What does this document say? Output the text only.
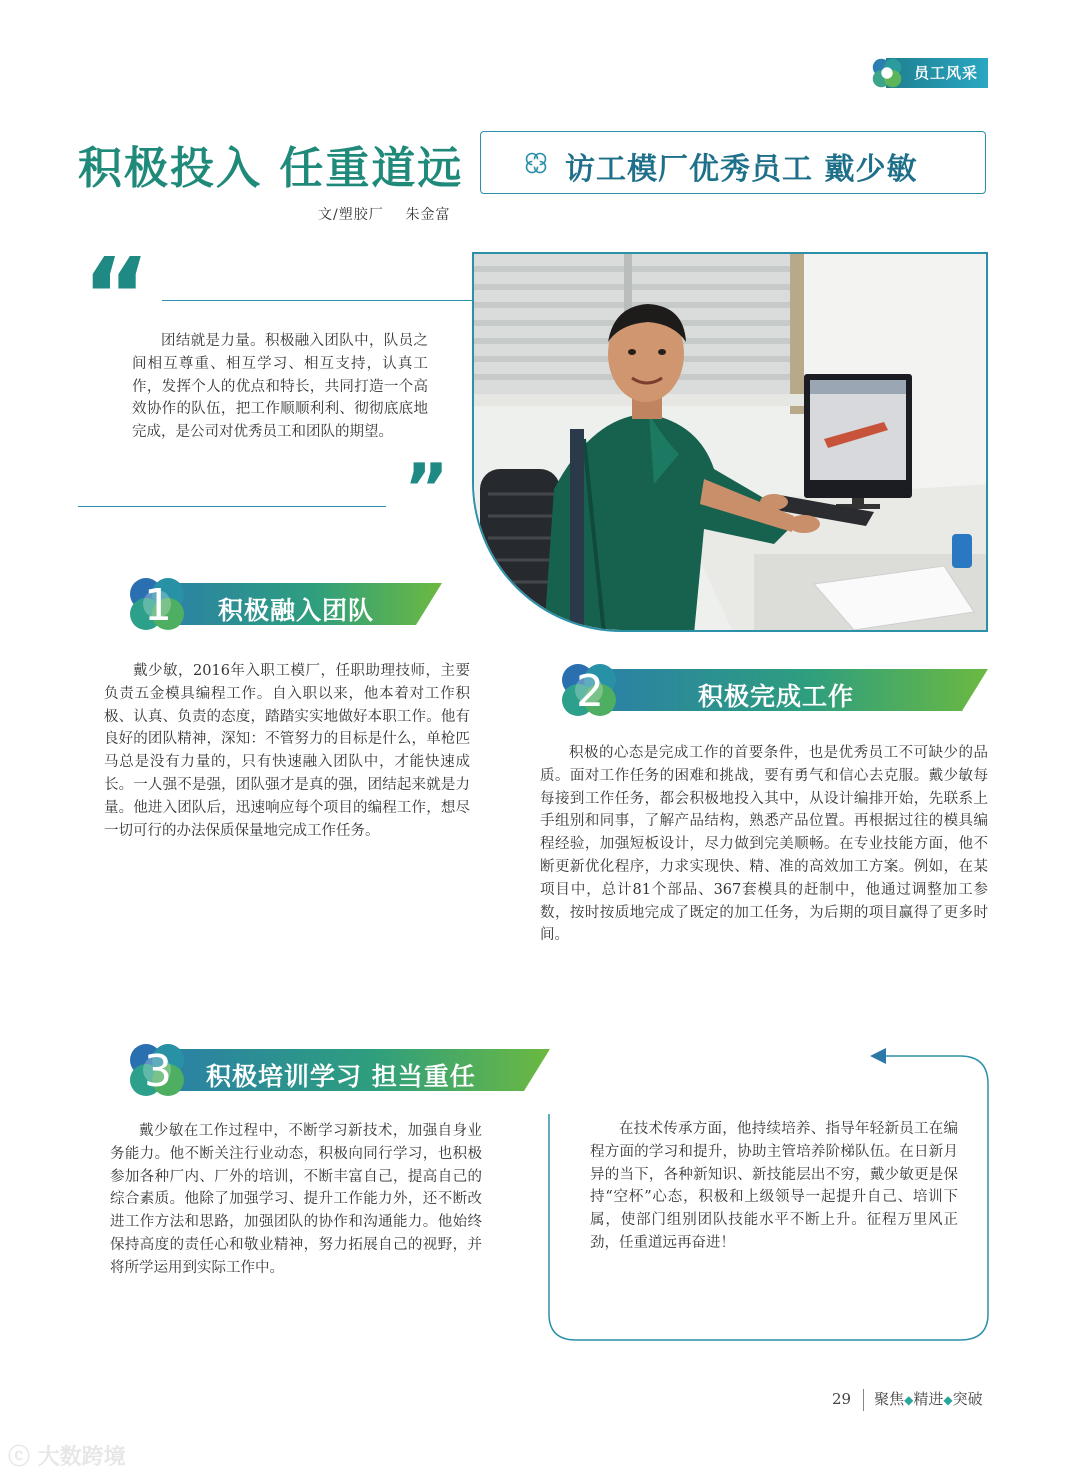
员工风采
积极投入 任重道远	访工模厂优秀员工 戴少敏
文/塑胶厂    朱金富
“ 团结就是力量。积极融入团队中，队员之间相互尊重、相互学习、相互支持，认真工作，发挥个人的优点和特长，共同打造一个高效协作的队伍，把工作顺顺利利、彻彻底底地完成，是公司对优秀员工和团队的期望。
”
1 积极融入团队
戴少敏，2016年入职工模厂，任职助理技师，主要负责五金模具编程工作。自入职以来，他本着对工作积极、认真、负责的态度，踏踏实实地做好本职工作。他有良好的团队精神，深知：不管努力的目标是什么，单枪匹马总是没有力量的，只有快速融入团队中，才能快速成长。一人强不是强，团队强才是真的强，团结起来就是力量。他进入团队后，迅速响应每个项目的编程工作，想尽一切可行的办法保质保量地完成工作任务。
2	积极完成工作
积极的心态是完成工作的首要条件，也是优秀员工不可缺少的品质。面对工作任务的困难和挑战，要有勇气和信心去克服。戴少敏每每接到工作任务，都会积极地投入其中，从设计编排开始，先联系上手组别和同事，了解产品结构，熟悉产品位置。再根据过往的模具编程经验，加强短板设计，尽力做到完美顺畅。在专业技能方面，他不断更新优化程序，力求实现快、精、准的高效加工方案。例如，在某项目中，总计81个部品、367套模具的赶制中，他通过调整加工参数，按时按质地完成了既定的加工任务，为后期的项目赢得了更多时间。
3 积极培训学习 担当重任
戴少敏在工作过程中，不断学习新技术，加强自身业务能力。他不断关注行业动态，积极向同行学习，也积极参加各种厂内、厂外的培训，不断丰富自己，提高自己的综合素质。他除了加强学习、提升工作能力外，还不断改进工作方法和思路，加强团队的协作和沟通能力。他始终保持高度的责任心和敬业精神，努力拓展自己的视野，并将所学运用到实际工作中。
在技术传承方面，他持续培养、指导年轻新员工在编程方面的学习和提升，协助主管培养阶梯队伍。在日新月异的当下，各种新知识、新技能层出不穷，戴少敏更是保持“空杯”心态，积极和上级领导一起提升自己、培训下属，使部门组别团队技能水平不断上升。征程万里风正劲，任重道远再奋进！
29 聚焦◆精进◆突破
ⓒ 大数跨境
